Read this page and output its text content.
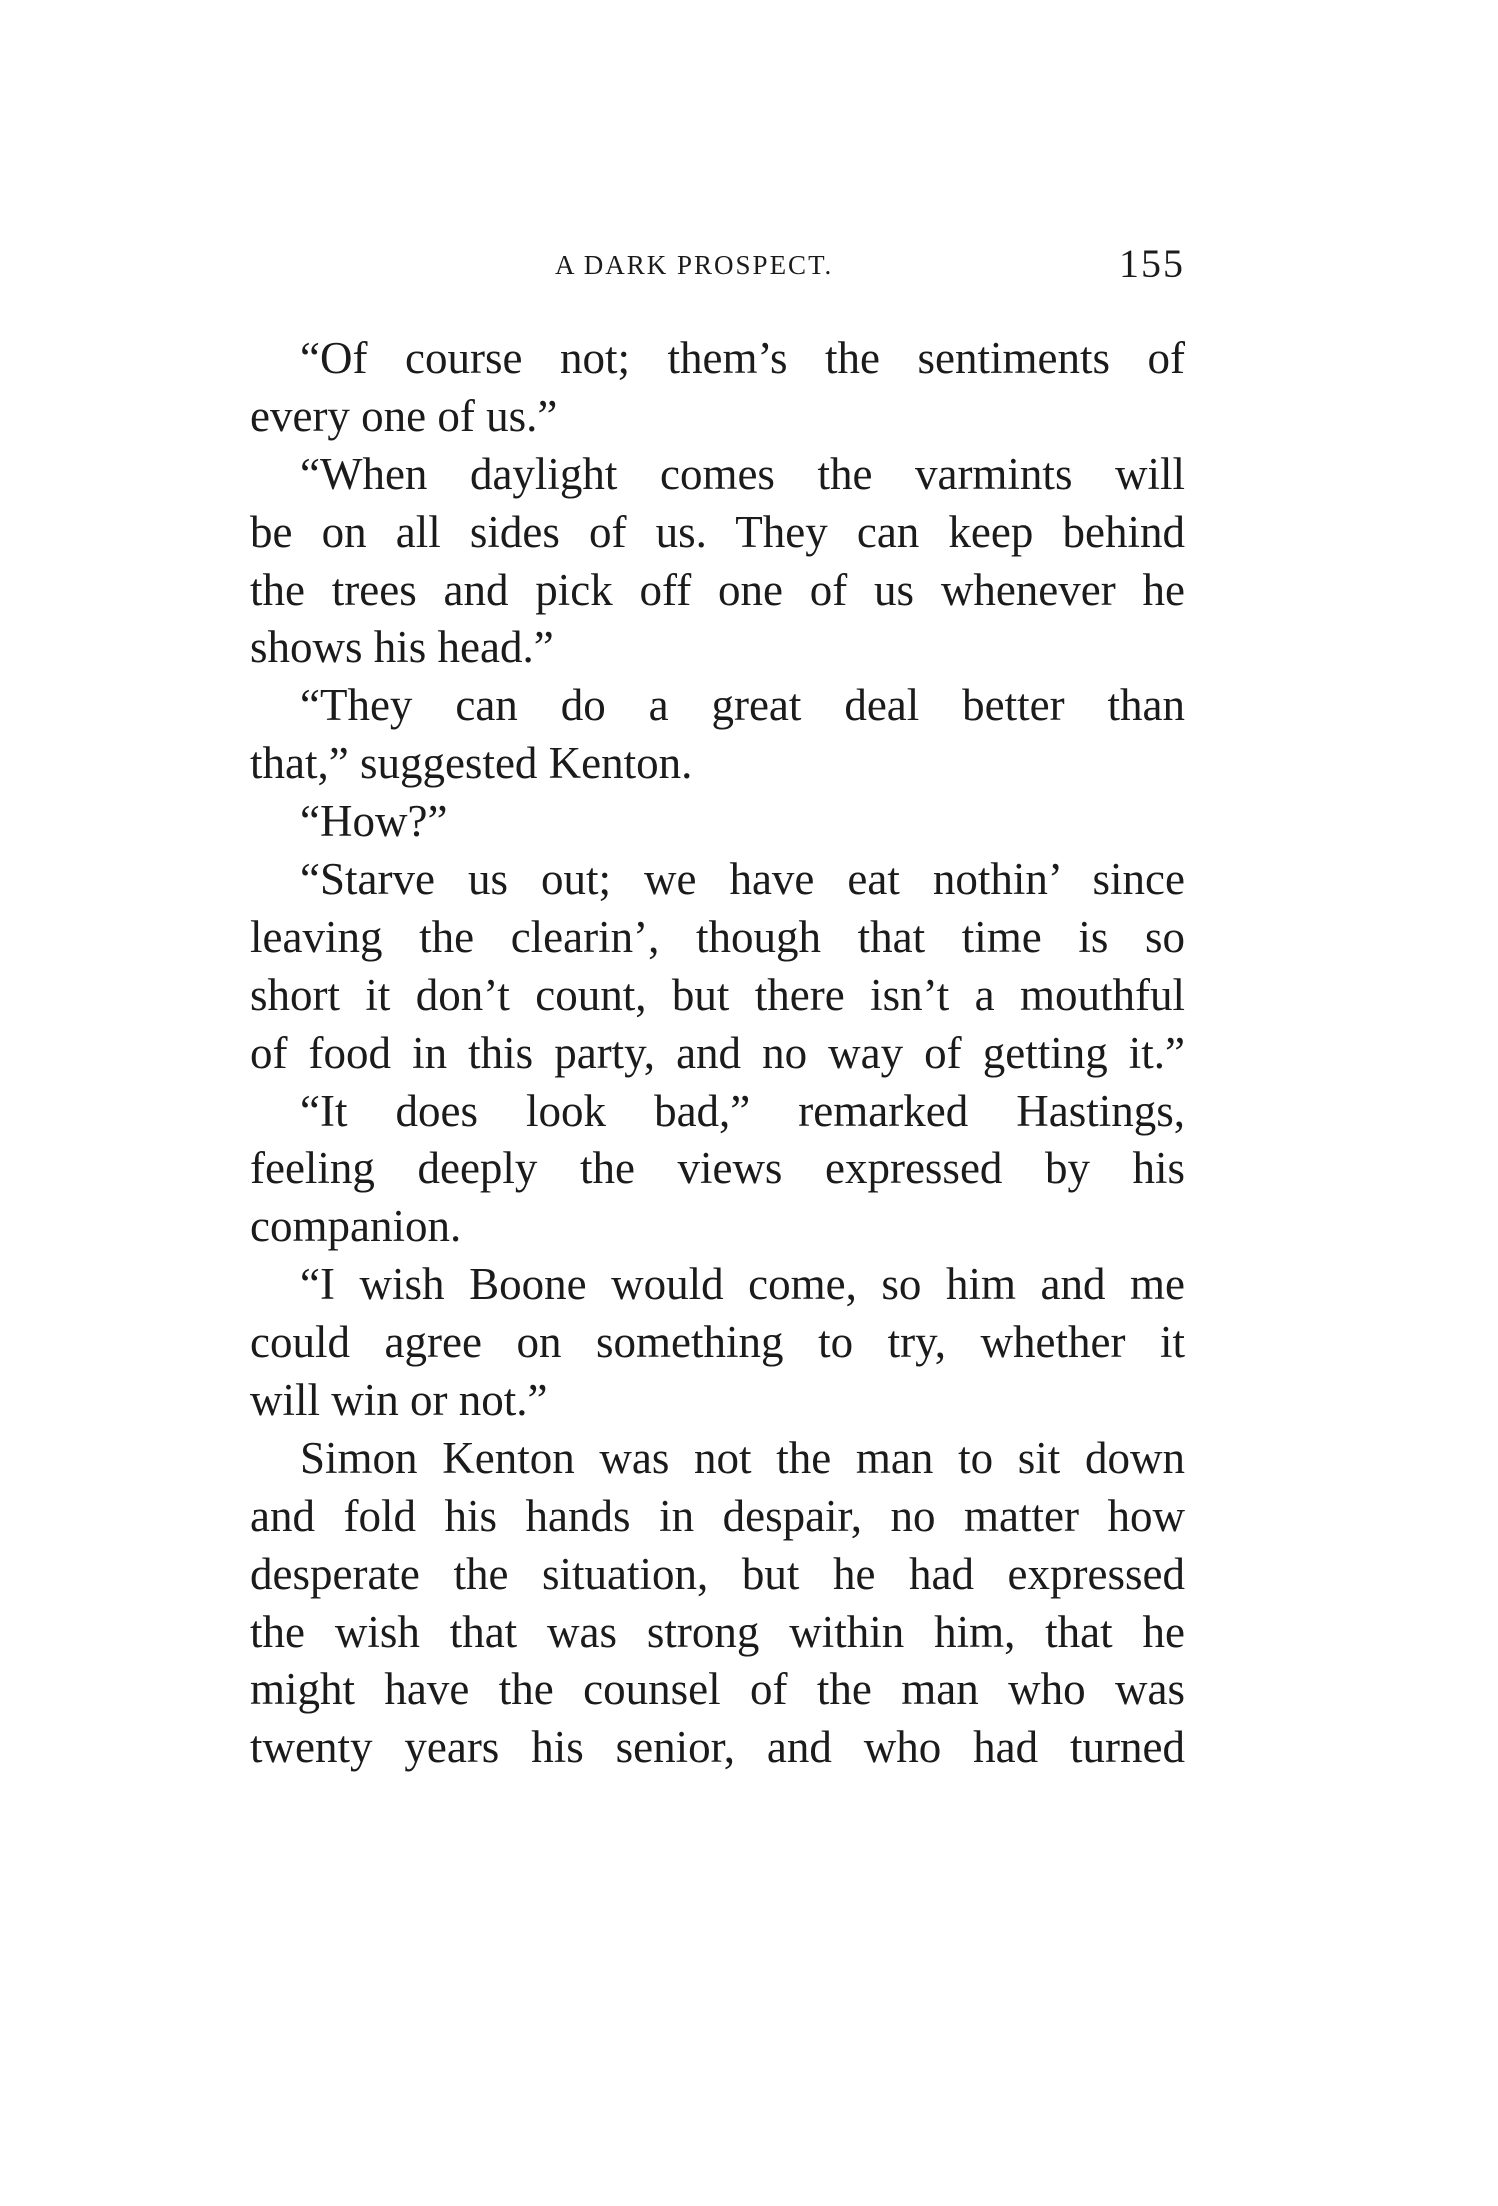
A DARK PROSPECT.	155
“Of course not; them’s the sentiments of
every one of us.”
“When daylight comes the varmints will
be on all sides of us. They can keep behind
the trees and pick off one of us whenever he
shows his head.”
“They can do a great deal better than
that,” suggested Kenton.
“How?”
“Starve us out; we have eat nothin’ since
leaving the clearin’, though that time is so
short it don’t count, but there isn’t a mouthful
of food in this party, and no way of getting it.”
“It does look bad,” remarked Hastings,
feeling deeply the views expressed by his
companion.
“I wish Boone would come, so him and me
could agree on something to try, whether it
will win or not.”
Simon Kenton was not the man to sit down
and fold his hands in despair, no matter how
desperate the situation, but he had expressed
the wish that was strong within him, that he
might have the counsel of the man who was
twenty years his senior, and who had turned
